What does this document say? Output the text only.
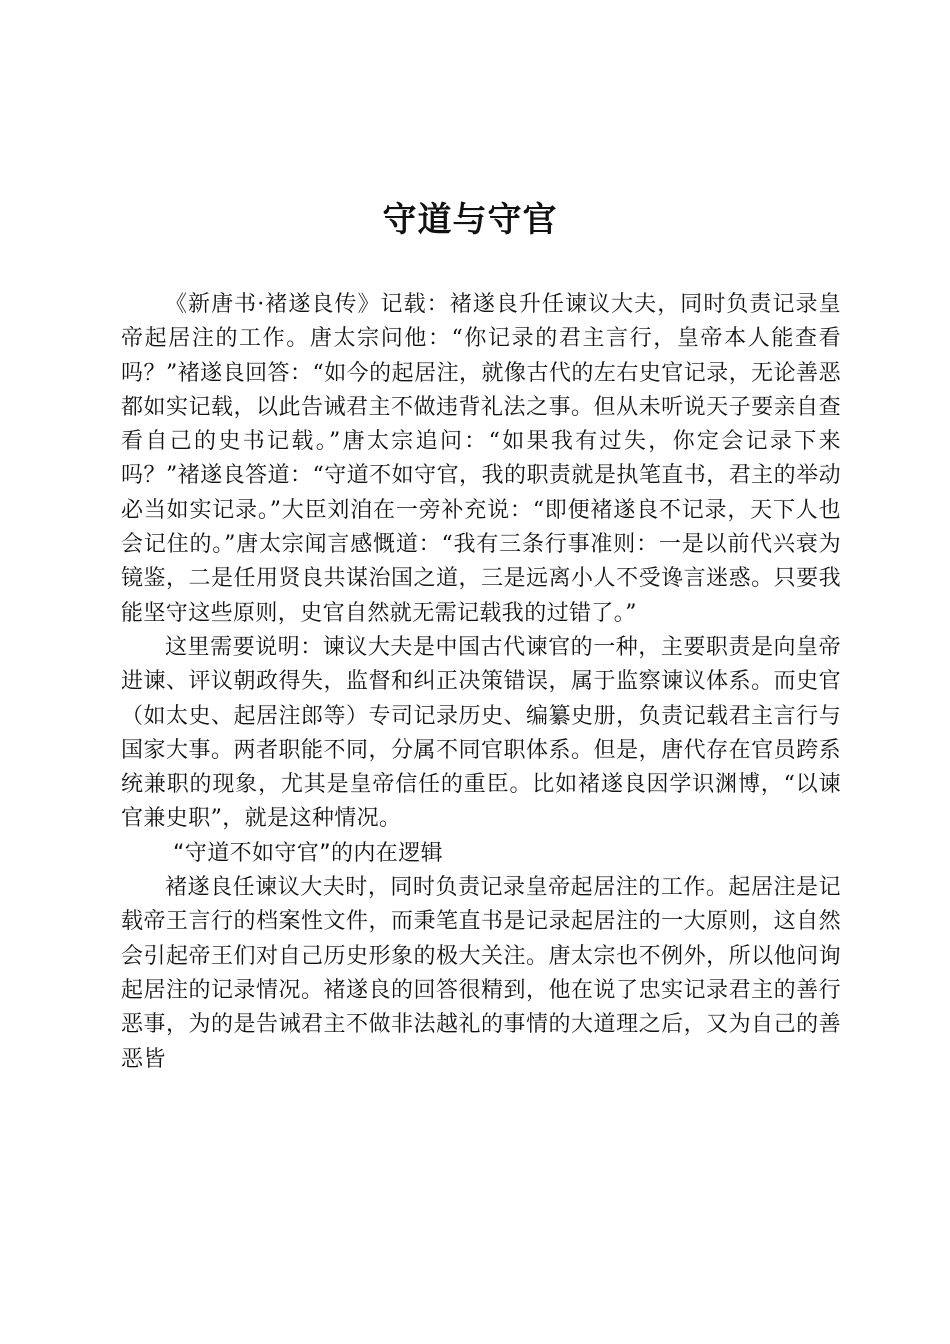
守道与守官

《新唐书·褚遂良传》记载：褚遂良升任谏议大夫，同时负责记录皇帝起居注的工作。唐太宗问他：“你记录的君主言行，皇帝本人能查看吗？”褚遂良回答：“如今的起居注，就像古代的左右史官记录，无论善恶都如实记载，以此告诫君主不做违背礼法之事。但从未听说天子要亲自查看自己的史书记载。”唐太宗追问：“如果我有过失，你定会记录下来吗？”褚遂良答道：“守道不如守官，我的职责就是执笔直书，君主的举动必当如实记录。”大臣刘洎在一旁补充说：“即便褚遂良不记录，天下人也会记住的。”唐太宗闻言感慨道：“我有三条行事准则：一是以前代兴衰为镜鉴，二是任用贤良共谋治国之道，三是远离小人不受谗言迷惑。只要我能坚守这些原则，史官自然就无需记载我的过错了。”

这里需要说明：谏议大夫是中国古代谏官的一种，主要职责是向皇帝进谏、评议朝政得失，监督和纠正决策错误，属于监察谏议体系。而史官（如太史、起居注郎等）专司记录历史、编纂史册，负责记载君主言行与国家大事。两者职能不同，分属不同官职体系。但是，唐代存在官员跨系统兼职的现象，尤其是皇帝信任的重臣。比如褚遂良因学识渊博，“以谏官兼史职”，就是这种情况。

“守道不如守官”的内在逻辑

褚遂良任谏议大夫时，同时负责记录皇帝起居注的工作。起居注是记载帝王言行的档案性文件，而秉笔直书是记录起居注的一大原则，这自然会引起帝王们对自己历史形象的极大关注。唐太宗也不例外，所以他问询起居注的记录情况。褚遂良的回答很精到，他在说了忠实记录君主的善行恶事，为的是告诫君主不做非法越礼的事情的大道理之后，又为自己的善恶皆
